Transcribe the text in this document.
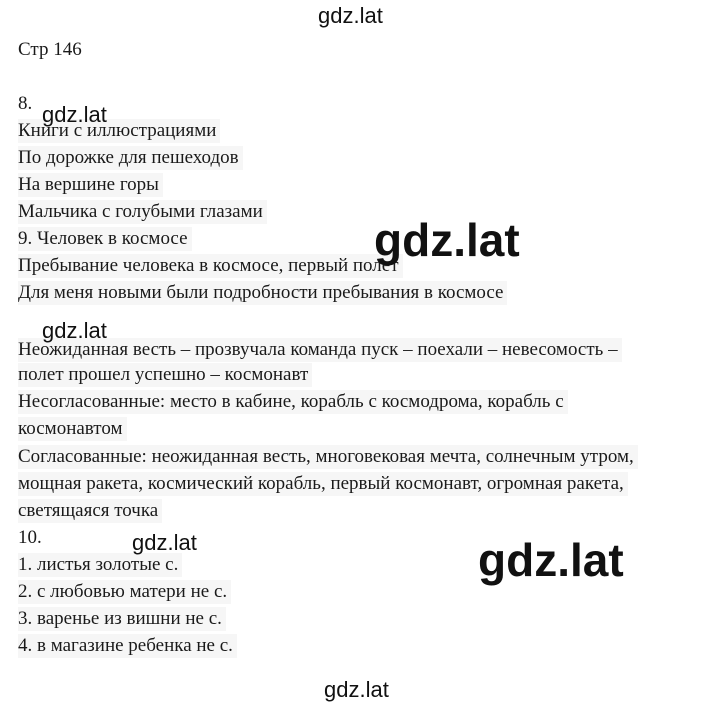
gdz.lat
Стр 146
8.
Книги с иллюстрациями
По дорожке для пешеходов
На вершине горы
Мальчика с голубыми глазами
9. Человек в космосе
Пребывание человека в космосе, первый полет
Для меня новыми были подробности пребывания в космосе
Неожиданная весть – прозвучала команда пуск – поехали – невесомость –
полет прошел успешно – космонавт
Несогласованные: место в кабине, корабль с космодрома, корабль с
космонавтом
Согласованные: неожиданная весть, многовековая мечта, солнечным утром,
мощная ракета, космический корабль, первый космонавт, огромная ракета,
светящаяся точка
10.
1. листья золотые с.
2. с любовью матери не с.
3. варенье из вишни не с.
4. в магазине ребенка не с.
gdz.lat
gdz.lat
gdz.lat
gdz.lat	gdz.lat
gdz.lat
